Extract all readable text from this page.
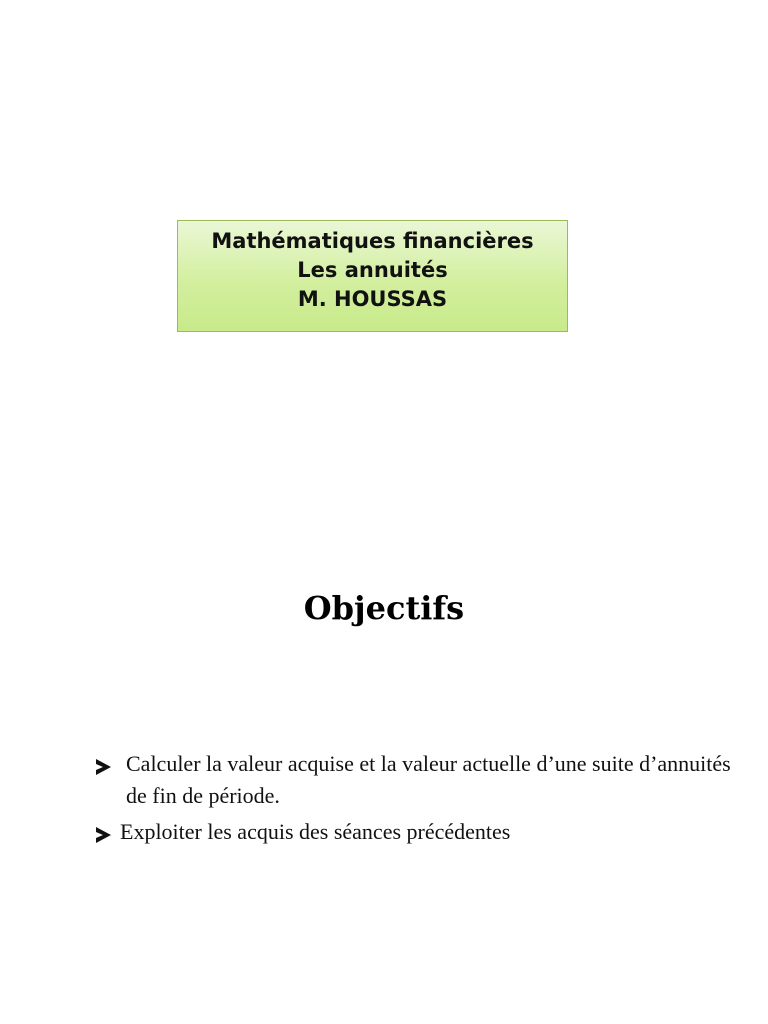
Mathématiques financières
Les annuités
M. HOUSSAS
Objectifs
Calculer la valeur acquise et la valeur actuelle d’une suite d’annuités de fin de période.
Exploiter les acquis des séances précédentes
